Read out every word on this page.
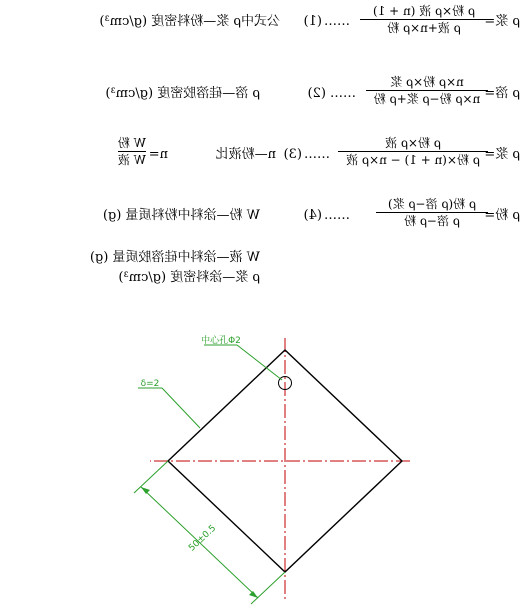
ρ 浆=
ρ 粉×ρ 液 (n + 1)
ρ 液+n×ρ 粉
……
(1)
公式中ρ 浆—粉料密度 (g/cm³)
ρ 溶=
n×ρ 粉×ρ 浆
n×ρ 粉−ρ 浆+ρ 粉
……
(2)
ρ 溶—硅溶胶密度 (g/cm³)
ρ 浆=
ρ 粉×ρ 液
ρ 粉×(n + 1) − n×ρ 液
……
(3)
n—粉液比
n=
W 粉
W 液
ρ 粉=
ρ 粉(ρ 溶−ρ 浆)
ρ 溶−ρ 粉
……
(4)
W 粉—涂料中粉料质量 (g)
W 液—涂料中硅溶胶质量 (g)
ρ 浆—涂料密度 (g/cm³)
中心孔Φ2
δ=2
50±0.5
